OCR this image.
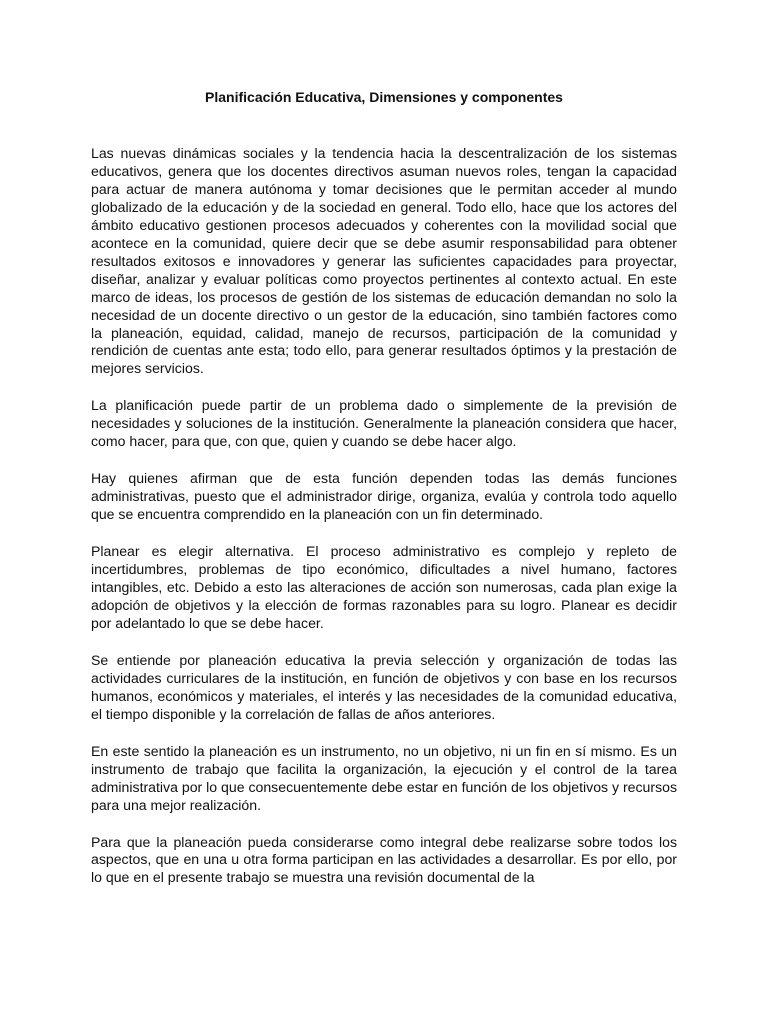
Planificación Educativa, Dimensiones y componentes

Las nuevas dinámicas sociales y la tendencia hacia la descentralización de los sistemas educativos, genera que los docentes directivos asuman nuevos roles, tengan la capacidad para actuar de manera autónoma y tomar decisiones que le permitan acceder al mundo globalizado de la educación y de la sociedad en general. Todo ello, hace que los actores del ámbito educativo gestionen procesos adecuados y coherentes con la movilidad social que acontece en la comunidad, quiere decir que se debe asumir responsabilidad para obtener resultados exitosos e innovadores y generar las suficientes capacidades para proyectar, diseñar, analizar y evaluar políticas como proyectos pertinentes al contexto actual. En este marco de ideas, los procesos de gestión de los sistemas de educación demandan no solo la necesidad de un docente directivo o un gestor de la educación, sino también factores como la planeación, equidad, calidad, manejo de recursos, participación de la comunidad y rendición de cuentas ante esta; todo ello, para generar resultados óptimos y la prestación de mejores servicios.

La planificación puede partir de un problema dado o simplemente de la previsión de necesidades y soluciones de la institución. Generalmente la planeación considera que hacer, como hacer, para que, con que, quien y cuando se debe hacer algo.

Hay quienes afirman que de esta función dependen todas las demás funciones administrativas, puesto que el administrador dirige, organiza, evalúa y controla todo aquello que se encuentra comprendido en la planeación con un fin determinado.

Planear es elegir alternativa. El proceso administrativo es complejo y repleto de incertidumbres, problemas de tipo económico, dificultades a nivel humano, factores intangibles, etc. Debido a esto las alteraciones de acción son numerosas, cada plan exige la adopción de objetivos y la elección de formas razonables para su logro. Planear es decidir por adelantado lo que se debe hacer.

Se entiende por planeación educativa la previa selección y organización de todas las actividades curriculares de la institución, en función de objetivos y con base en los recursos humanos, económicos y materiales, el interés y las necesidades de la comunidad educativa, el tiempo disponible y la correlación de fallas de años anteriores.

En este sentido la planeación es un instrumento, no un objetivo, ni un fin en sí mismo. Es un instrumento de trabajo que facilita la organización, la ejecución y el control de la tarea administrativa por lo que consecuentemente debe estar en función de los objetivos y recursos para una mejor realización.

Para que la planeación pueda considerarse como integral debe realizarse sobre todos los aspectos, que en una u otra forma participan en las actividades a desarrollar. Es por ello, por lo que en el presente trabajo se muestra una revisión documental de la
